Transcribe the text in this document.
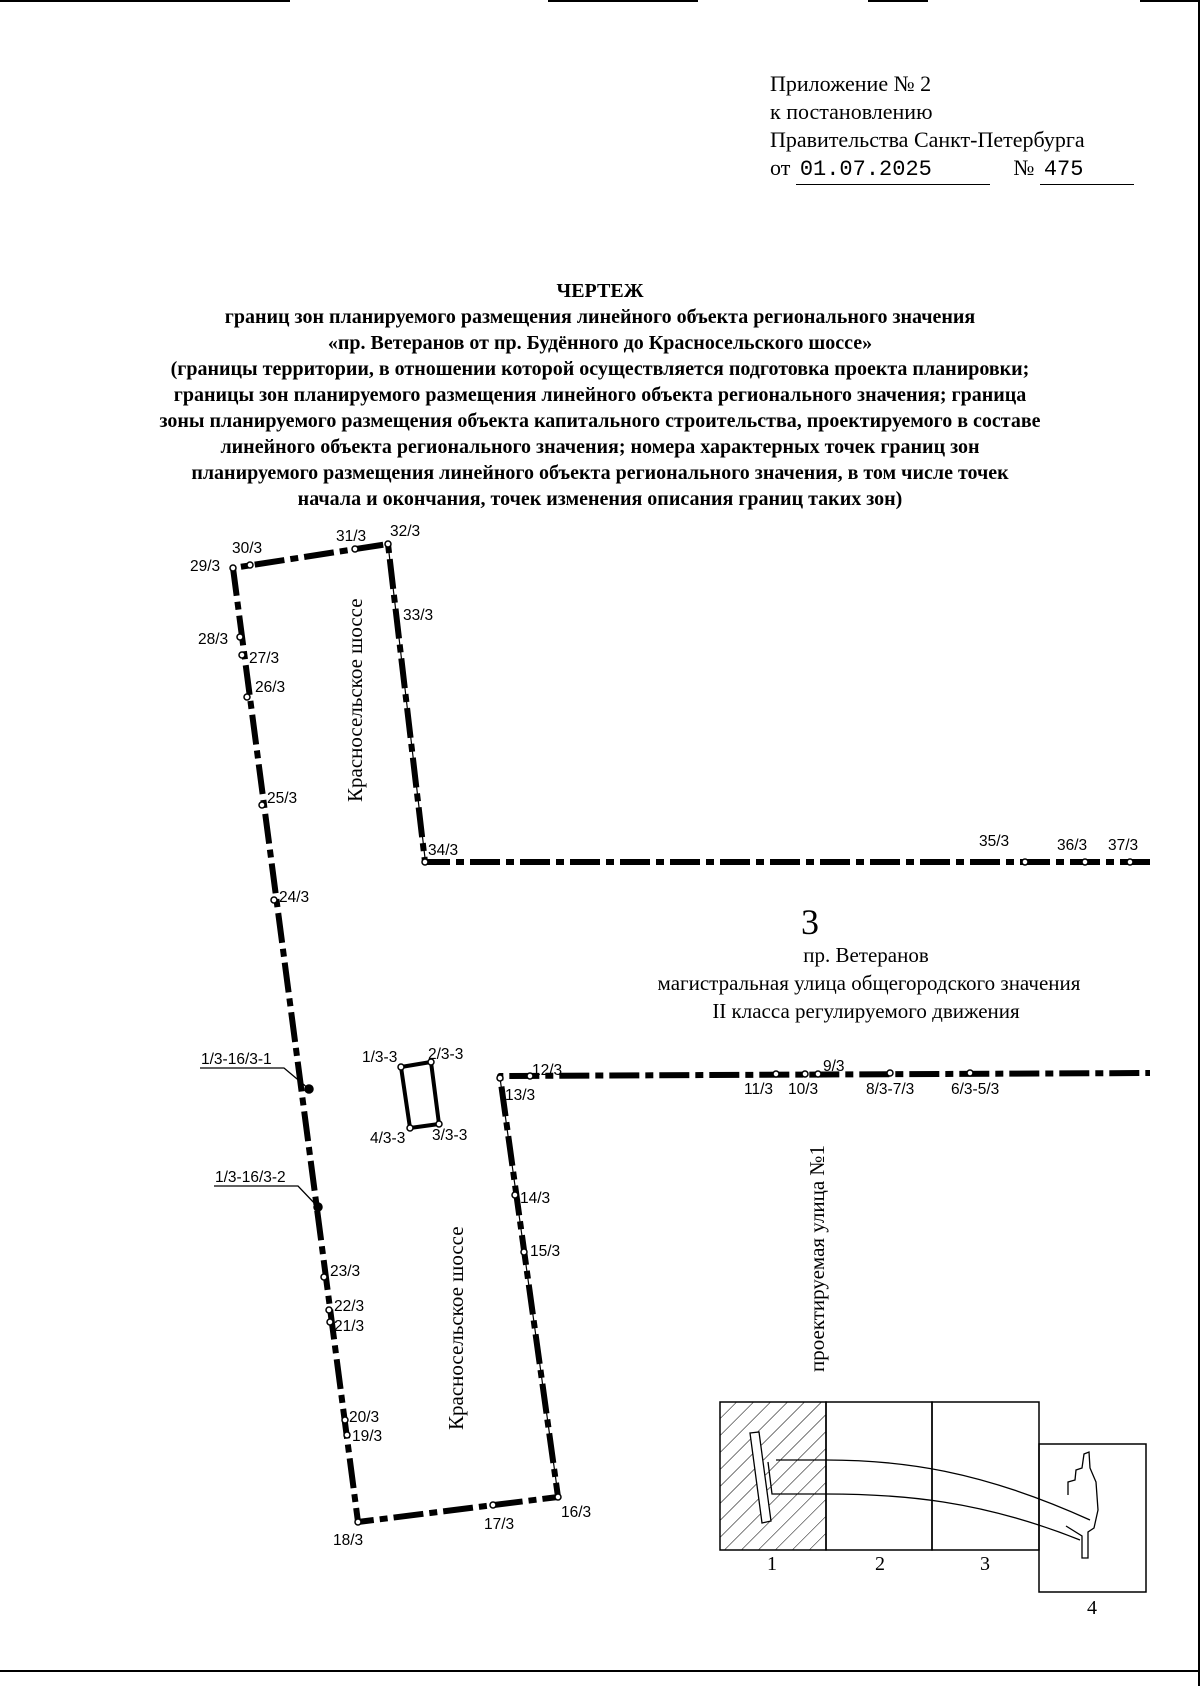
Приложение № 2
к постановлению
Правительства Санкт-Петербурга
от 01.07.2025	№ 475
ЧЕРТЕЖ
границ зон планируемого размещения линейного объекта регионального значения
«пр. Ветеранов от пр. Будённого до Красносельского шоссе»
(границы территории, в отношении которой осуществляется подготовка проекта планировки;
границы зон планируемого размещения линейного объекта регионального значения; граница
зоны планируемого размещения объекта капитального строительства, проектируемого в составе
линейного объекта регионального значения; номера характерных точек границ зон
планируемого размещения линейного объекта регионального значения, в том числе точек
начала и окончания, точек изменения описания границ таких зон)
29/3
30/3
31/3 32/3
33/3
28/3
27/3
26/3
25/3
24/3
34/3
35/3	36/3 37/3
1/3-16/3-1
1/3-16/3-2
1/3-3 2/3-3
4/3-3 3/3-3
12/3
13/3	11/3 10/3
9/3
8/3-7/3 6/3-5/3
14/3
15/3
23/3
22/3
21/3
20/3
19/3
18/3
17/3
16/3
Красносельское шоссе
Красносельское шоссе	проектируемая улица №1
3
пр. Ветеранов
магистральная улица общегородского значения
II класса регулируемого движения
1	2	3
4
